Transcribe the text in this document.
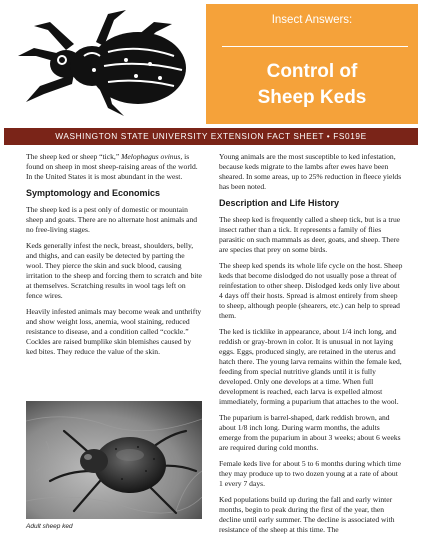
Insect Answers:
Control of
Sheep Keds
WASHINGTON STATE UNIVERSITY EXTENSION FACT SHEET • FS019E

The sheep ked or sheep “tick,” Melophagus ovinus, is found on sheep in most sheep-raising areas of the world. In the United States it is most abundant in the west.

Symptomology and Economics

The sheep ked is a pest only of domestic or mountain sheep and goats. There are no alternate host animals and no free-living stages.

Keds generally infest the neck, breast, shoulders, belly, and thighs, and can easily be detected by parting the wool. They pierce the skin and suck blood, causing irritation to the sheep and forcing them to scratch and bite at themselves. Scratching results in wool tags left on fence wires.

Heavily infested animals may become weak and unthrifty and show weight loss, anemia, wool staining, reduced resistance to disease, and a condition called “cockle.” Cockles are raised bumplike skin blemishes caused by ked bites. They reduce the value of the skin.

Adult sheep ked

Young animals are the most susceptible to ked infestation, because keds migrate to the lambs after ewes have been sheared. In some areas, up to 25% reduction in fleece yields has been noted.

Description and Life History

The sheep ked is frequently called a sheep tick, but is a true insect rather than a tick. It represents a family of flies parasitic on such mammals as deer, goats, and sheep. There are species that prey on some birds.

The sheep ked spends its whole life cycle on the host. Sheep keds that become dislodged do not usually pose a threat of reinfestation to other sheep. Dislodged keds only live about 4 days off their hosts. Spread is almost entirely from sheep to sheep, although people (shearers, etc.) can help to spread them.

The ked is ticklike in appearance, about 1/4 inch long, and reddish or gray-brown in color. It is unusual in not laying eggs. Eggs, produced singly, are retained in the uterus and hatch there. The young larva remains within the female ked, feeding from special nutritive glands until it is fully developed. Only one develops at a time. When full development is reached, each larva is expelled almost immediately, forming a puparium that attaches to the wool.

The puparium is barrel-shaped, dark reddish brown, and about 1/8 inch long. During warm months, the adults emerge from the puparium in about 3 weeks; about 6 weeks are required during cold months.

Female keds live for about 5 to 6 months during which time they may produce up to two dozen young at a rate of about 1 every 7 days.

Ked populations build up during the fall and early winter months, begin to peak during the first of the year, then decline until early summer. The decline is associated with resistance of the sheep at this time. The
